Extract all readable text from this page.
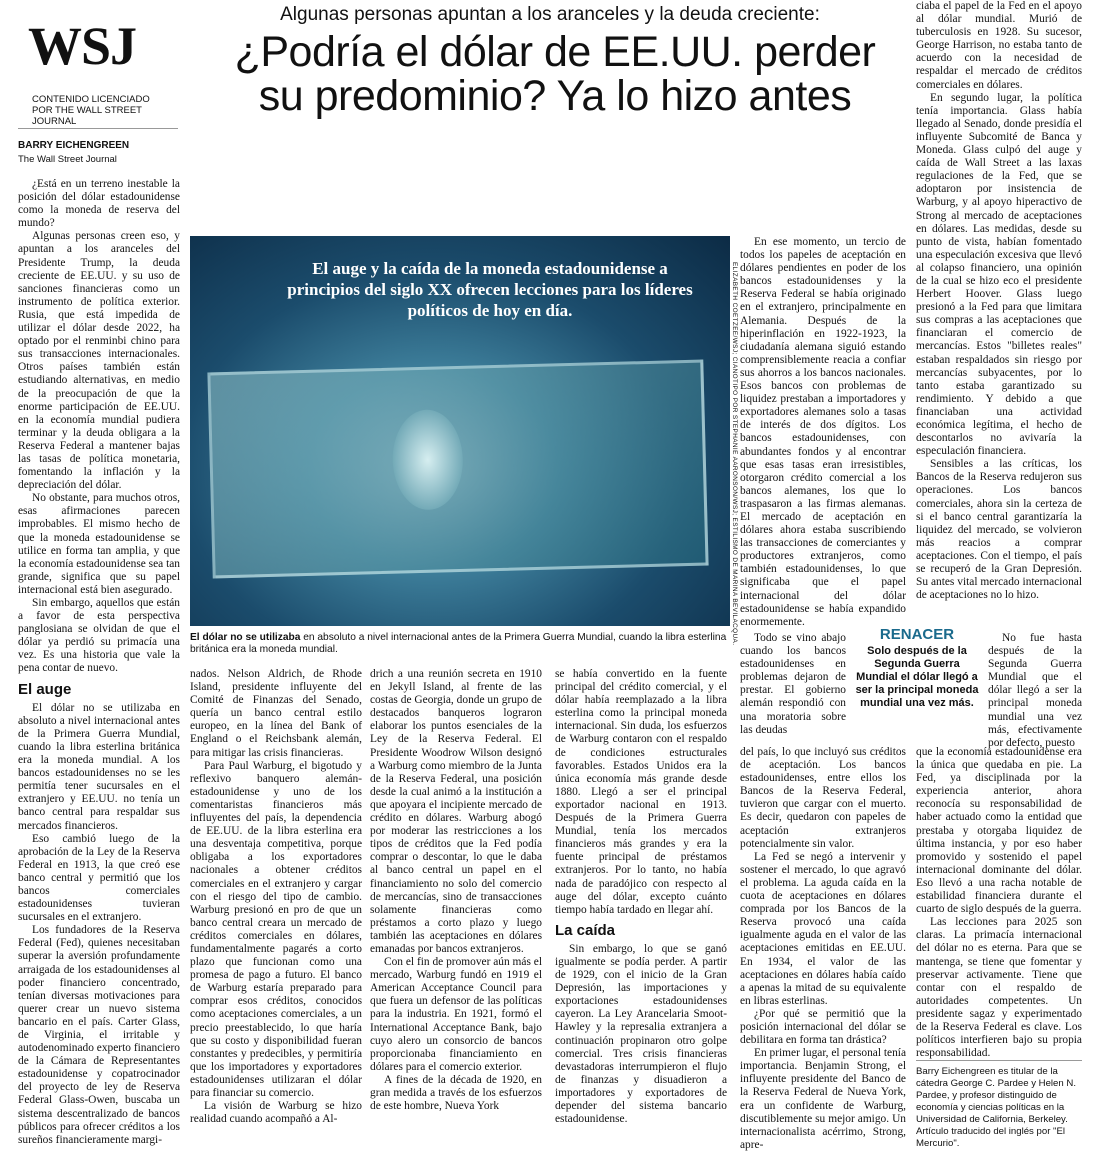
WSJ
CONTENIDO LICENCIADO POR THE WALL STREET JOURNAL
BARRY EICHENGREEN
The Wall Street Journal
Algunas personas apuntan a los aranceles y la deuda creciente:
¿Podría el dólar de EE.UU. perder su predominio? Ya lo hizo antes
El auge y la caída de la moneda estadounidense a principios del siglo XX ofrecen lecciones para los líderes políticos de hoy en día.	ELIZABETH COETZEE/WSJ; CIANOTIPO POR STEPHANIE AARONSON/WSJ; ESTILISMO DE MARINA BEVILACQUA.
El dólar no se utilizaba en absoluto a nivel internacional antes de la Primera Guerra Mundial, cuando la libra esterlina británica era la moneda mundial.

¿Está en un terreno inestable la posición del dólar estadounidense como la moneda de reserva del mundo?

Algunas personas creen eso, y apuntan a los aranceles del Presidente Trump, la deuda creciente de EE.UU. y su uso de sanciones financieras como un instrumento de política exterior. Rusia, que está impedida de utilizar el dólar desde 2022, ha optado por el renminbi chino para sus transacciones internacionales. Otros países también están estudiando alternativas, en medio de la preocupación de que la enorme participación de EE.UU. en la economía mundial pudiera terminar y la deuda obligara a la Reserva Federal a mantener bajas las tasas de política monetaria, fomentando la inflación y la depreciación del dólar.

No obstante, para muchos otros, esas afirmaciones parecen improbables. El mismo hecho de que la moneda estadounidense se utilice en forma tan amplia, y que la economía estadounidense sea tan grande, significa que su papel internacional está bien asegurado.

Sin embargo, aquellos que están a favor de esta perspectiva panglosiana se olvidan de que el dólar ya perdió su primacía una vez. Es una historia que vale la pena contar de nuevo.

El auge

El dólar no se utilizaba en absoluto a nivel internacional antes de la Primera Guerra Mundial, cuando la libra esterlina británica era la moneda mundial. A los bancos estadounidenses no se les permitía tener sucursales en el extranjero y EE.UU. no tenía un banco central para respaldar sus mercados financieros.

Eso cambió luego de la aprobación de la Ley de la Reserva Federal en 1913, la que creó ese banco central y permitió que los bancos comerciales estadounidenses tuvieran sucursales en el extranjero.

Los fundadores de la Reserva Federal (Fed), quienes necesitaban superar la aversión profundamente arraigada de los estadounidenses al poder financiero concentrado, tenían diversas motivaciones para querer crear un nuevo sistema bancario en el país. Carter Glass, de Virginia, el irritable y autodenominado experto financiero de la Cámara de Representantes estadounidense y copatrocinador del proyecto de ley de Reserva Federal Glass-Owen, buscaba un sistema descentralizado de bancos públicos para ofrecer créditos a los sureños financieramente margi-

nados. Nelson Aldrich, de Rhode Island, presidente influyente del Comité de Finanzas del Senado, quería un banco central estilo europeo, en la línea del Bank of England o el Reichsbank alemán, para mitigar las crisis financieras.

Para Paul Warburg, el bigotudo y reflexivo banquero alemán-estadounidense y uno de los comentaristas financieros más influyentes del país, la dependencia de EE.UU. de la libra esterlina era una desventaja competitiva, porque obligaba a los exportadores nacionales a obtener créditos comerciales en el extranjero y cargar con el riesgo del tipo de cambio. Warburg presionó en pro de que un banco central creara un mercado de créditos comerciales en dólares, fundamentalmente pagarés a corto plazo que funcionan como una promesa de pago a futuro. El banco de Warburg estaría preparado para comprar esos créditos, conocidos como aceptaciones comerciales, a un precio preestablecido, lo que haría que su costo y disponibilidad fueran constantes y predecibles, y permitiría que los importadores y exportadores estadounidenses utilizaran el dólar para financiar su comercio.

La visión de Warburg se hizo realidad cuando acompañó a Al-

drich a una reunión secreta en 1910 en Jekyll Island, al frente de las costas de Georgia, donde un grupo de destacados banqueros lograron elaborar los puntos esenciales de la Ley de la Reserva Federal. El Presidente Woodrow Wilson designó a Warburg como miembro de la Junta de la Reserva Federal, una posición desde la cual animó a la institución a que apoyara el incipiente mercado de crédito en dólares. Warburg abogó por moderar las restricciones a los tipos de créditos que la Fed podía comprar o descontar, lo que le daba al banco central un papel en el financiamiento no solo del comercio de mercancías, sino de transacciones solamente financieras como préstamos a corto plazo y luego también las aceptaciones en dólares emanadas por bancos extranjeros.

Con el fin de promover aún más el mercado, Warburg fundó en 1919 el American Acceptance Council para que fuera un defensor de las políticas para la industria. En 1921, formó el International Acceptance Bank, bajo cuyo alero un consorcio de bancos proporcionaba financiamiento en dólares para el comercio exterior.

A fines de la década de 1920, en gran medida a través de los esfuerzos de este hombre, Nueva York

se había convertido en la fuente principal del crédito comercial, y el dólar había reemplazado a la libra esterlina como la principal moneda internacional. Sin duda, los esfuerzos de Warburg contaron con el respaldo de condiciones estructurales favorables. Estados Unidos era la única economía más grande desde 1880. Llegó a ser el principal exportador nacional en 1913. Después de la Primera Guerra Mundial, tenía los mercados financieros más grandes y era la fuente principal de préstamos extranjeros. Por lo tanto, no había nada de paradójico con respecto al auge del dólar, excepto cuánto tiempo había tardado en llegar ahí.

La caída

Sin embargo, lo que se ganó igualmente se podía perder. A partir de 1929, con el inicio de la Gran Depresión, las importaciones y exportaciones estadounidenses cayeron. La Ley Arancelaria Smoot-Hawley y la represalia extranjera a continuación propinaron otro golpe comercial. Tres crisis financieras devastadoras interrumpieron el flujo de finanzas y disuadieron a importadores y exportadores de depender del sistema bancario estadounidense.

En ese momento, un tercio de todos los papeles de aceptación en dólares pendientes en poder de los bancos estadounidenses y la Reserva Federal se había originado en el extranjero, principalmente en Alemania. Después de la hiperinflación en 1922-1923, la ciudadanía alemana siguió estando comprensiblemente reacia a confiar sus ahorros a los bancos nacionales. Esos bancos con problemas de liquidez prestaban a importadores y exportadores alemanes solo a tasas de interés de dos dígitos. Los bancos estadounidenses, con abundantes fondos y al encontrar que esas tasas eran irresistibles, otorgaron crédito comercial a los bancos alemanes, los que lo traspasaron a las firmas alemanas. El mercado de aceptación en dólares ahora estaba suscribiendo las transacciones de comerciantes y productores extranjeros, como también estadounidenses, lo que significaba que el papel internacional del dólar estadounidense se había expandido enormemente.

Todo se vino abajo cuando los bancos estadounidenses en problemas dejaron de prestar. El gobierno alemán respondió con una moratoria sobre las deudas

del país, lo que incluyó sus créditos de aceptación. Los bancos estadounidenses, entre ellos los Bancos de la Reserva Federal, tuvieron que cargar con el muerto. Es decir, quedaron con papeles de aceptación extranjeros potencialmente sin valor.

La Fed se negó a intervenir y sostener el mercado, lo que agravó el problema. La aguda caída en la cuota de aceptaciones en dólares comprada por los Bancos de la Reserva provocó una caída igualmente aguda en el valor de las aceptaciones emitidas en EE.UU. En 1934, el valor de las aceptaciones en dólares había caído a apenas la mitad de su equivalente en libras esterlinas.

¿Por qué se permitió que la posición internacional del dólar se debilitara en forma tan drástica?

En primer lugar, el personal tenía importancia. Benjamin Strong, el influyente presidente del Banco de la Reserva Federal de Nueva York, era un confidente de Warburg, discutiblemente su mejor amigo. Un internacionalista acérrimo, Strong, apre-

RENACER
Solo después de la Segunda Guerra Mundial el dólar llegó a ser la principal moneda mundial una vez más.

ciaba el papel de la Fed en el apoyo al dólar mundial. Murió de tuberculosis en 1928. Su sucesor, George Harrison, no estaba tanto de acuerdo con la necesidad de respaldar el mercado de créditos comerciales en dólares.

En segundo lugar, la política tenía importancia. Glass había llegado al Senado, donde presidía el influyente Subcomité de Banca y Moneda. Glass culpó del auge y caída de Wall Street a las laxas regulaciones de la Fed, que se adoptaron por insistencia de Warburg, y al apoyo hiperactivo de Strong al mercado de aceptaciones en dólares. Las medidas, desde su punto de vista, habían fomentado una especulación excesiva que llevó al colapso financiero, una opinión de la cual se hizo eco el presidente Herbert Hoover. Glass luego presionó a la Fed para que limitara sus compras a las aceptaciones que financiaran el comercio de mercancías. Estos "billetes reales" estaban respaldados sin riesgo por mercancías subyacentes, por lo tanto estaba garantizado su rendimiento. Y debido a que financiaban una actividad económica legítima, el hecho de descontarlos no avivaría la especulación financiera.

Sensibles a las críticas, los Bancos de la Reserva redujeron sus operaciones. Los bancos comerciales, ahora sin la certeza de si el banco central garantizaría la liquidez del mercado, se volvieron más reacios a comprar aceptaciones. Con el tiempo, el país se recuperó de la Gran Depresión. Su antes vital mercado internacional de aceptaciones no lo hizo.

No fue hasta después de la Segunda Guerra Mundial que el dólar llegó a ser la principal moneda mundial una vez más, efectivamente por defecto, puesto

que la economía estadounidense era la única que quedaba en pie. La Fed, ya disciplinada por la experiencia anterior, ahora reconocía su responsabilidad de haber actuado como la entidad que prestaba y otorgaba liquidez de última instancia, y por eso haber promovido y sostenido el papel internacional dominante del dólar. Eso llevó a una racha notable de estabilidad financiera durante el cuarto de siglo después de la guerra.

Las lecciones para 2025 son claras. La primacía internacional del dólar no es eterna. Para que se mantenga, se tiene que fomentar y preservar activamente. Tiene que contar con el respaldo de autoridades competentes. Un presidente sagaz y experimentado de la Reserva Federal es clave. Los políticos interfieren bajo su propia responsabilidad.

Barry Eichengreen es titular de la cátedra George C. Pardee y Helen N. Pardee, y profesor distinguido de economía y ciencias políticas en la Universidad de California, Berkeley. Artículo traducido del inglés por "El Mercurio".
